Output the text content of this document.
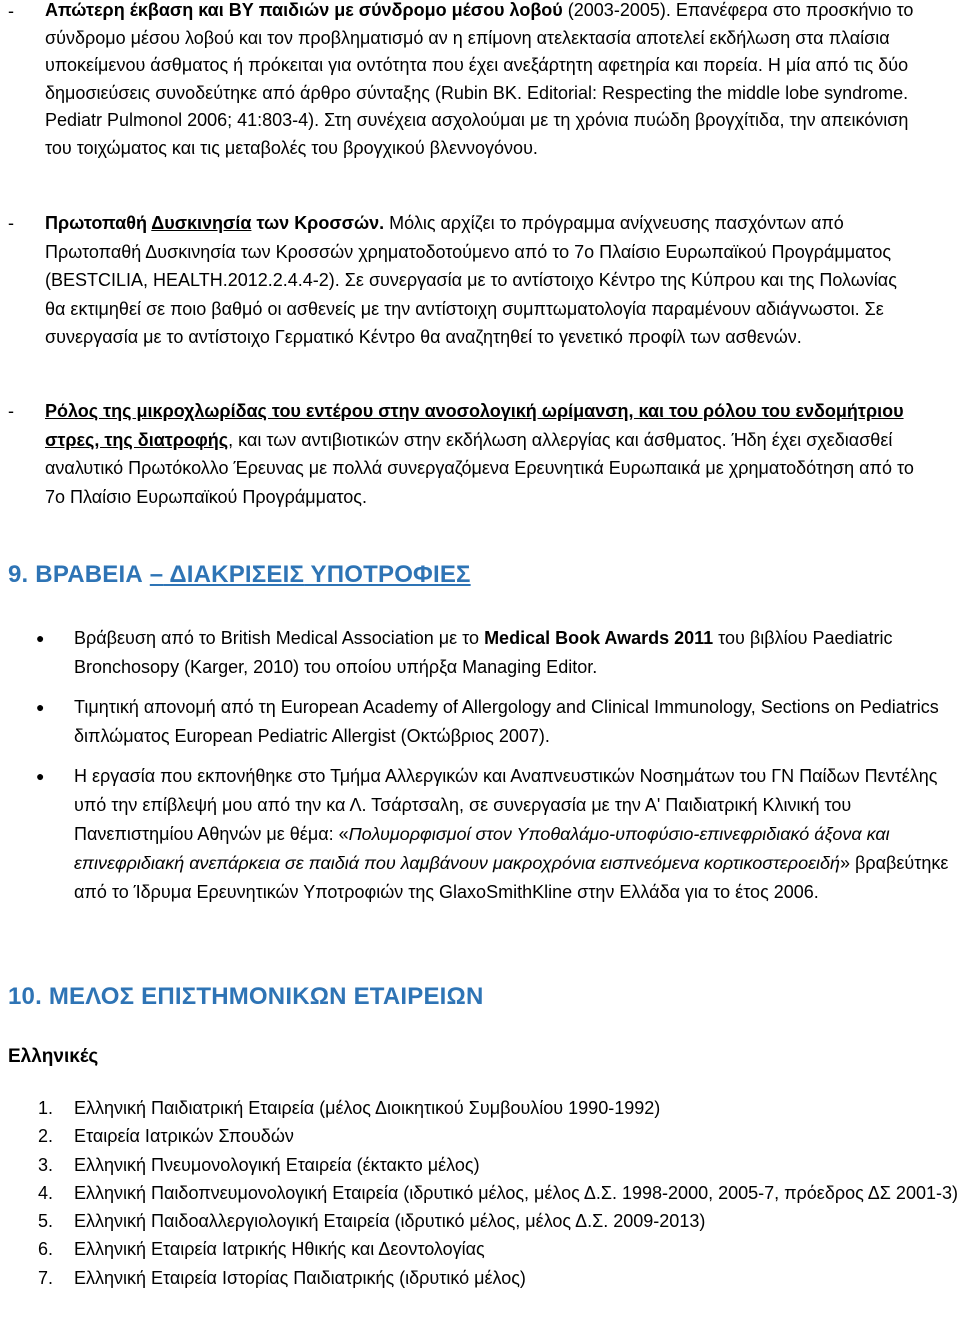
- Απώτερη έκβαση και ΒΥ παιδιών με σύνδρομο μέσου λοβού (2003-2005). Επανέφερα στο προσκήνιο το σύνδρομο μέσου λοβού και τον προβληματισμό αν η επίμονη ατελεκτασία αποτελεί εκδήλωση στα πλαίσια υποκείμενου άσθματος ή πρόκειται για οντότητα που έχει ανεξάρτητη αφετηρία και πορεία. Η μία από τις δύο δημοσιεύσεις συνοδεύτηκε από άρθρο σύνταξης (Rubin BK. Editorial: Respecting the middle lobe syndrome. Pediatr Pulmonol 2006; 41:803-4). Στη συνέχεια ασχολούμαι με τη χρόνια πυώδη βρογχίτιδα, την απεικόνιση του τοιχώματος και τις μεταβολές του βρογχικού βλεννογόνου.
- Πρωτοπαθή Δυσκινησία των Κροσσών. Μόλις αρχίζει το πρόγραμμα ανίχνευσης πασχόντων από Πρωτοπαθή Δυσκινησία των Κροσσών χρηματοδοτούμενο από το 7ο Πλαίσιο Ευρωπαϊκού Προγράμματος (BESTCILIA, HEALTH.2012.2.4.4-2). Σε συνεργασία με το αντίστοιχο Κέντρο της Κύπρου και της Πολωνίας θα εκτιμηθεί σε ποιο βαθμό οι ασθενείς με την αντίστοιχη συμπτωματολογία παραμένουν αδιάγνωστοι. Σε συνεργασία με το αντίστοιχο Γερματικό Κέντρο θα αναζητηθεί το γενετικό προφίλ των ασθενών.
- Ρόλος της μικροχλωρίδας του εντέρου στην ανοσολογική ωρίμανση, και του ρόλου του ενδομήτριου στρες, της διατροφής, και των αντιβιοτικών στην εκδήλωση αλλεργίας και άσθματος. Ήδη έχει σχεδιασθεί αναλυτικό Πρωτόκολλο Έρευνας με πολλά συνεργαζόμενα Ερευνητικά Ευρωπαικά με χρηματοδότηση από το 7ο Πλαίσιο Ευρωπαϊκού Προγράμματος.
9. ΒΡΑΒΕΙΑ – ΔΙΑΚΡΙΣΕΙΣ ΥΠΟΤΡΟΦΙΕΣ
● Βράβευση από το British Medical Association με το Medical Book Awards 2011 του βιβλίου Paediatric Bronchosopy (Karger, 2010) του οποίου υπήρξα Managing Editor.
● Τιμητική απονομή από τη European Academy of Allergology and Clinical Immunology, Sections on Pediatrics διπλώματος European Pediatric Allergist (Οκτώβριος 2007).
● Η εργασία που εκπονήθηκε στο Τμήμα Αλλεργικών και Αναπνευστικών Νοσημάτων του ΓΝ Παίδων Πεντέλης υπό την επίβλεψή μου από την κα Λ. Τσάρτσαλη, σε συνεργασία με την Α' Παιδιατρική Κλινική του Πανεπιστημίου Αθηνών με θέμα: «Πολυμορφισμοί στον Υποθαλάμο-υποφύσιο-επινεφριδιακό άξονα και επινεφριδιακή ανεπάρκεια σε παιδιά που λαμβάνουν μακροχρόνια εισπνεόμενα κορτικοστεροειδή» βραβεύτηκε από το Ίδρυμα Ερευνητικών Υποτροφιών της GlaxoSmithKline στην Ελλάδα για το έτος 2006.
10. ΜΕΛΟΣ ΕΠΙΣΤΗΜΟΝΙΚΩΝ ΕΤΑΙΡΕΙΩΝ
Ελληνικές
1. Ελληνική Παιδιατρική Εταιρεία (μέλος Διοικητικού Συμβουλίου 1990-1992)
2. Εταιρεία Ιατρικών Σπουδών
3. Ελληνική Πνευμονολογική Εταιρεία (έκτακτο μέλος)
4. Ελληνική Παιδοπνευμονολογική Εταιρεία (ιδρυτικό μέλος, μέλος Δ.Σ. 1998-2000, 2005-7, πρόεδρος ΔΣ 2001-3)
5. Ελληνική Παιδοαλλεργιολογική Εταιρεία (ιδρυτικό μέλος, μέλος Δ.Σ. 2009-2013)
6. Ελληνική Εταιρεία Ιατρικής Ηθικής και Δεοντολογίας
7. Ελληνική Εταιρεία Ιστορίας Παιδιατρικής (ιδρυτικό μέλος)
